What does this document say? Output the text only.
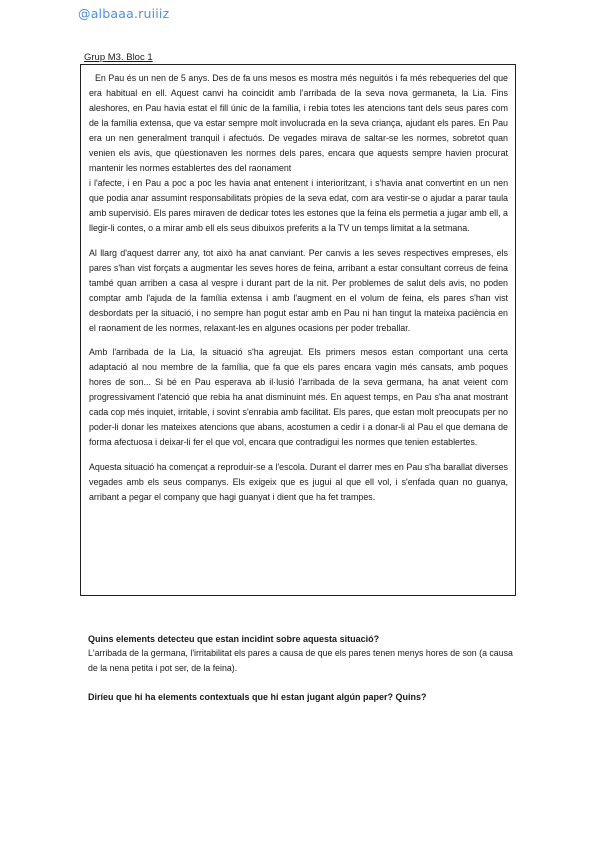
@albaaa.ruiiiz
Grup M3. Bloc 1

En Pau és un nen de 5 anys. Des de fa uns mesos es mostra més neguitós i fa més rebequeries del que era habitual en ell. Aquest canvi ha coincidit amb l'arribada de la seva nova germaneta, la Lia. Fins aleshores, en Pau havia estat el fill únic de la família, i rebia totes les atencions tant dels seus pares com de la família extensa, que va estar sempre molt involucrada en la seva criança, ajudant els pares. En Pau era un nen generalment tranquil i afectuós. De vegades mirava de saltar-se les normes, sobretot quan venien els avis, que qüestionaven les normes dels pares, encara que aquests sempre havien procurat mantenir les normes establertes des del raonament

i l'afecte, i en Pau a poc a poc les havia anat entenent i interioritzant, i s'havia anat convertint en un nen que podia anar assumint responsabilitats pròpies de la seva edat, com ara vestir-se o ajudar a parar taula amb supervisió. Els pares miraven de dedicar totes les estones que la feina els permetia a jugar amb ell, a llegir-li contes, o a mirar amb ell els seus dibuixos preferits a la TV un temps limitat a la setmana.

Al llarg d'aquest darrer any, tot això ha anat canviant. Per canvis a les seves respectives empreses, els pares s'han vist forçats a augmentar les seves hores de feina, arribant a estar consultant correus de feina també quan arriben a casa al vespre i durant part de la nit. Per problemes de salut dels avis, no poden comptar amb l'ajuda de la família extensa i amb l'augment en el volum de feina, els pares s'han vist desbordats per la situació, i no sempre han pogut estar amb en Pau ni han tingut la mateixa paciència en el raonament de les normes, relaxant-les en algunes ocasions per poder treballar.

Amb l'arribada de la Lia, la situació s'ha agreujat. Els primers mesos estan comportant una certa adaptació al nou membre de la família, que fa que els pares encara vagin més cansats, amb poques hores de son... Si bé en Pau esperava ab il·lusió l'arribada de la seva germana, ha anat veient com progressivament l'atenció que rebia ha anat disminuint més. En aquest temps, en Pau s'ha anat mostrant cada cop més inquiet, irritable, i sovint s'enrabia amb facilitat. Els pares, que estan molt preocupats per no poder-li donar les mateixes atencions que abans, acostumen a cedir i a donar-li al Pau el que demana de forma afectuosa i deixar-li fer el que vol, encara que contradigui les normes que tenien establertes.

Aquesta situació ha començat a reproduir-se a l'escola. Durant el darrer mes en Pau s'ha barallat diverses vegades amb els seus companys. Els exigeix que es jugui al que ell vol, i s'enfada quan no guanya, arribant a pegar el company que hagi guanyat i dient que ha fet trampes.

Quins elements detecteu que estan incidint sobre aquesta situació?
L'arribada de la germana, l'irritabilitat els pares a causa de que els pares tenen menys hores de son (a causa de la nena petita i pot ser, de la feina).
Diríeu que hi ha elements contextuals que hi estan jugant algún paper? Quins?
